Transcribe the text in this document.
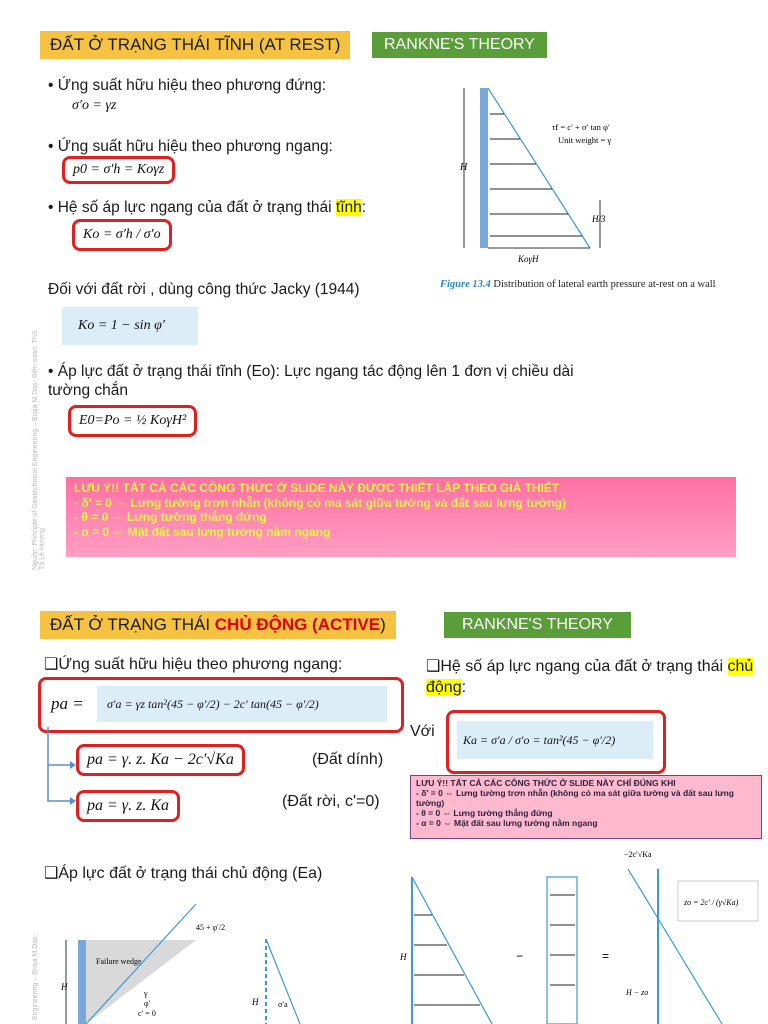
ĐẤT Ở TRẠNG THÁI TĨNH (AT REST)	RANKNE'S THEORY
Nguồn: Principle of Geotechnical Engineering – Braja M.Das- Biên soạn: ThS Tô Lê Hương
• Ứng suất hữu hiệu theo phương đứng:
σ′o = γz
• Ứng suất hữu hiệu theo phương ngang:
p0 = σ′h = Koγz
• Hệ số áp lực ngang của đất ở trạng thái tĩnh:
Ko = σ′h / σ′o
Đối với đất rời , dùng công thức Jacky (1944)
Ko = 1 − sin φ′
• Áp lực đất ở trạng thái tĩnh (Eo): Lực ngang tác động lên 1 đơn vị chiều dài tường chắn
E0=Po = ½ KoγH²
H
H/3
KoγH
τf = c′ + σ′ tan φ′
Unit weight = γ
Figure 13.4 Distribution of lateral earth pressure at-rest on a wall
LƯU Ý!! TẤT CẢ CÁC CÔNG THỨC Ở SLIDE NÀY ĐƯỢC THIẾT LẬP THEO GIẢ THIẾT
- δ′ = 0 ⇔ Lưng tường trơn nhẵn (không có ma sát giữa tường và đất sau lưng tường)
- θ = 0 ⇔ Lưng tường thẳng đứng
- α = 0 ⇔ Mặt đất sau lưng tường nằm ngang
ĐẤT Ở TRẠNG THÁI CHỦ ĐỘNG (ACTIVE)	RANKNE'S THEORY
❑Ứng suất hữu hiệu theo phương ngang:
pa =	σ′a = γz tan²(45 − φ′/2) − 2c′ tan(45 − φ′/2)
pa = γ. z. Ka − 2c′√Ka	(Đất dính)
pa = γ. z. Ka	(Đất rời, c'=0)
❑Hệ số áp lực ngang của đất ở trạng thái chủ động:
Với	Ka = σ′a / σ′o = tan²(45 − φ′/2)
LƯU Ý!! TẤT CẢ CÁC CÔNG THỨC Ở SLIDE NÀY CHỈ ĐÚNG KHI
- δ′ = 0 ⇔ Lưng tường trơn nhẵn (không có ma sát giữa tường và đất sau lưng tường)
- θ = 0 ⇔ Lưng tường thẳng đứng
- α = 0 ⇔ Mặt đất sau lưng tường nằm ngang
❑Áp lực đất ở trạng thái chủ động (Ea)
Engineering – Braja M.Das- H
Failure wedge
45 + φ′/2
γ
φ′
c′ = 0
H σ′a
H	−	=
−2c′√Ka
H − zo
zo = 2c′ / (γ√Ka)
